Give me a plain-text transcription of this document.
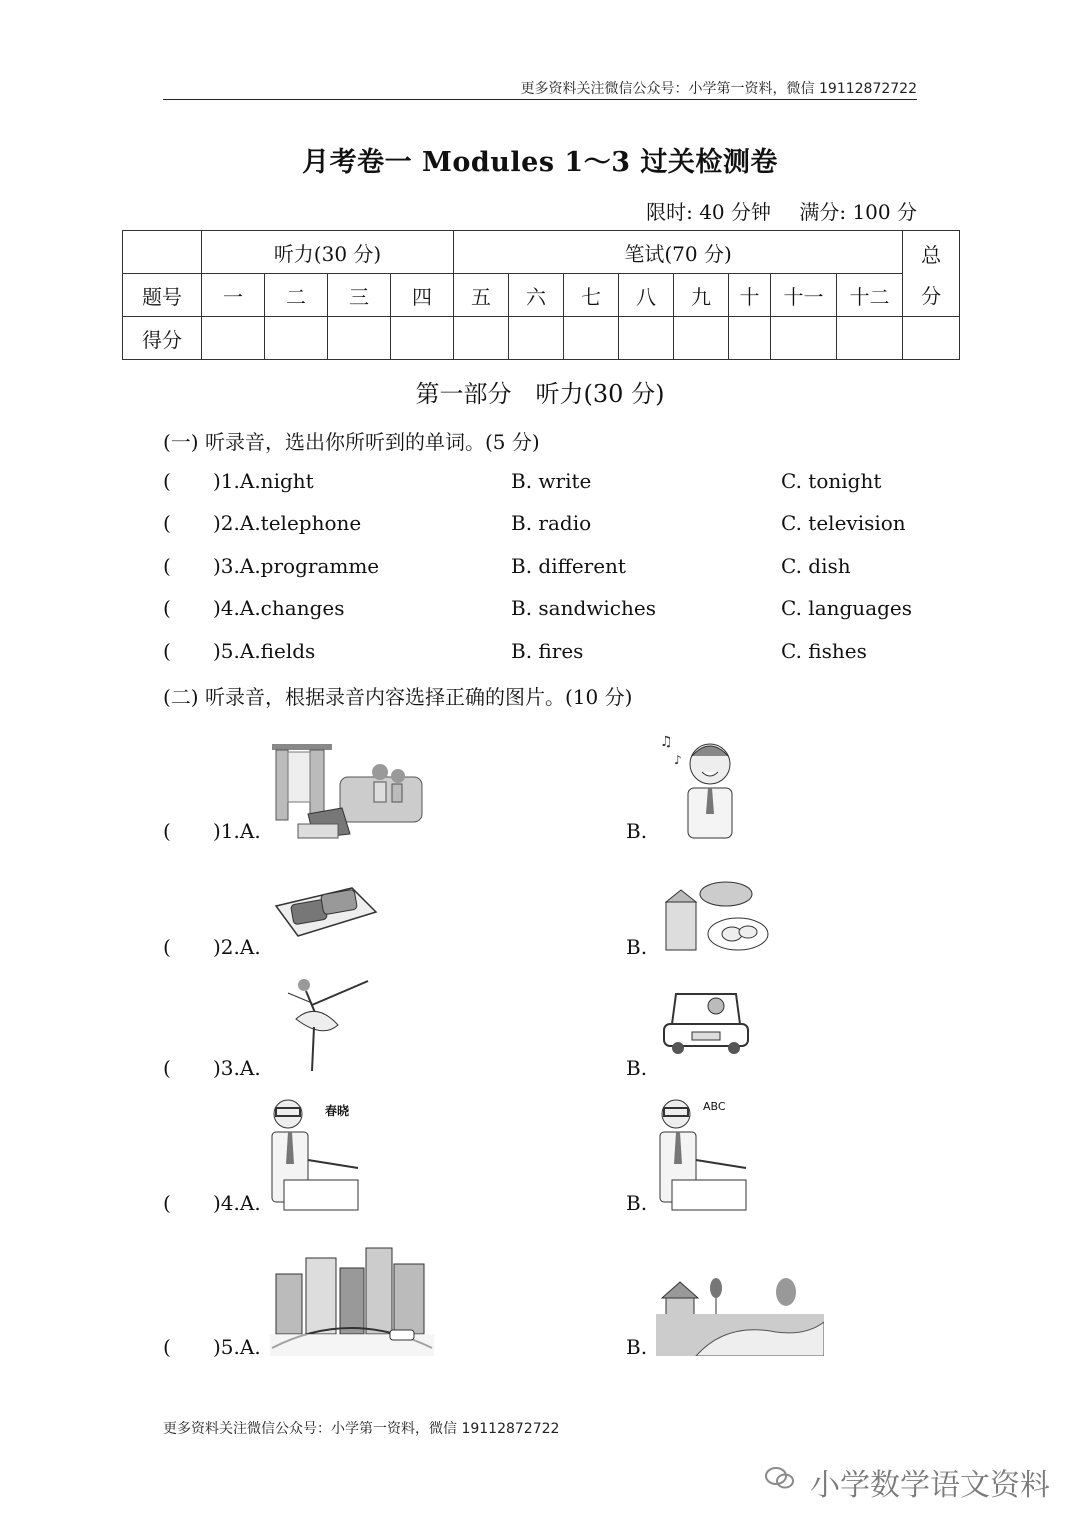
更多资料关注微信公众号：小学第一资料，微信 19112872722
月考卷一 Modules 1～3 过关检测卷
限时: 40 分钟 满分: 100 分
	听力(30 分)				笔试(70 分)								总
分

题号	一	二	三	四	五	六	七	八	九	十	十一	十二	
得分													
第一部分　听力(30 分)
(一) 听录音，选出你所听到的单词。(5 分)
( )1.A.night	B. write	C. tonight
( )2.A.telephone	B. radio	C. television
( )3.A.programme	B. different	C. dish
( )4.A.changes	B. sandwiches	C. languages
( )5.A.fields	B. fires	C. fishes
(二) 听录音，根据录音内容选择正确的图片。(10 分)
( )1.A.	B.
( )2.A.	B.
( )3.A.	B.
( )4.A.	B.
( )5.A.	B.
♫
♪
春晓	ABC
更多资料关注微信公众号：小学第一资料，微信 19112872722
小学数学语文资料
